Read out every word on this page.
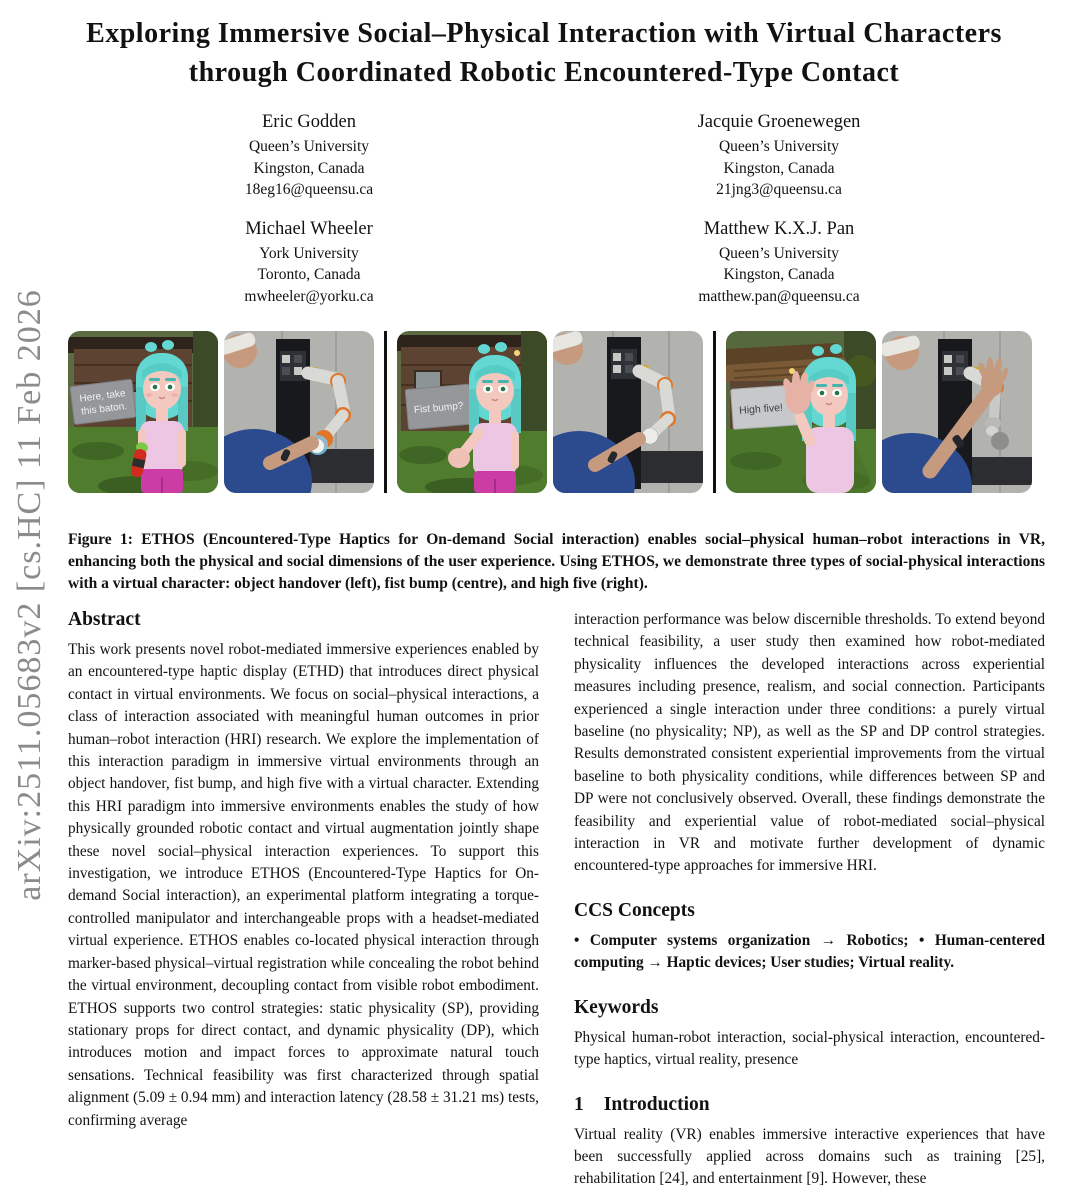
arXiv:2511.05683v2 [cs.HC] 11 Feb 2026
Exploring Immersive Social–Physical Interaction with Virtual Characters through Coordinated Robotic Encountered-Type Contact
Eric Godden
Queen’s University
Kingston, Canada
18eg16@queensu.ca
Jacquie Groenewegen
Queen’s University
Kingston, Canada
21jng3@queensu.ca
Michael Wheeler
York University
Toronto, Canada
mwheeler@yorku.ca
Matthew K.X.J. Pan
Queen’s University
Kingston, Canada
matthew.pan@queensu.ca
Here, take
this baton.	Fist bump?	High five!

Figure 1: ETHOS (Encountered-Type Haptics for On-demand Social interaction) enables social–physical human–robot interactions in VR, enhancing both the physical and social dimensions of the user experience. Using ETHOS, we demonstrate three types of social-physical interactions with a virtual character: object handover (left), fist bump (centre), and high five (right).

Abstract

This work presents novel robot-mediated immersive experiences enabled by an encountered-type haptic display (ETHD) that introduces direct physical contact in virtual environments. We focus on social–physical interactions, a class of interaction associated with meaningful human outcomes in prior human–robot interaction (HRI) research. We explore the implementation of this interaction paradigm in immersive virtual environments through an object handover, fist bump, and high five with a virtual character. Extending this HRI paradigm into immersive environments enables the study of how physically grounded robotic contact and virtual augmentation jointly shape these novel social–physical interaction experiences. To support this investigation, we introduce ETHOS (Encountered-Type Haptics for On-demand Social interaction), an experimental platform integrating a torque-controlled manipulator and interchangeable props with a headset-mediated virtual experience. ETHOS enables co-located physical interaction through marker-based physical–virtual registration while concealing the robot behind the virtual environment, decoupling contact from visible robot embodiment. ETHOS supports two control strategies: static physicality (SP), providing stationary props for direct contact, and dynamic physicality (DP), which introduces motion and impact forces to approximate natural touch sensations. Technical feasibility was first characterized through spatial alignment (5.09 ± 0.94 mm) and interaction latency (28.58 ± 31.21 ms) tests, confirming average

interaction performance was below discernible thresholds. To extend beyond technical feasibility, a user study then examined how robot-mediated physicality influences the developed interactions across experiential measures including presence, realism, and social connection. Participants experienced a single interaction under three conditions: a purely virtual baseline (no physicality; NP), as well as the SP and DP control strategies. Results demonstrated consistent experiential improvements from the virtual baseline to both physicality conditions, while differences between SP and DP were not conclusively observed. Overall, these findings demonstrate the feasibility and experiential value of robot-mediated social–physical interaction in VR and motivate further development of dynamic encountered-type approaches for immersive HRI.

CCS Concepts

• Computer systems organization → Robotics; • Human-centered computing → Haptic devices; User studies; Virtual reality.

Keywords

Physical human-robot interaction, social-physical interaction, encountered-type haptics, virtual reality, presence

1 Introduction

Virtual reality (VR) enables immersive interactive experiences that have been successfully applied across domains such as training [25], rehabilitation [24], and entertainment [9]. However, these
